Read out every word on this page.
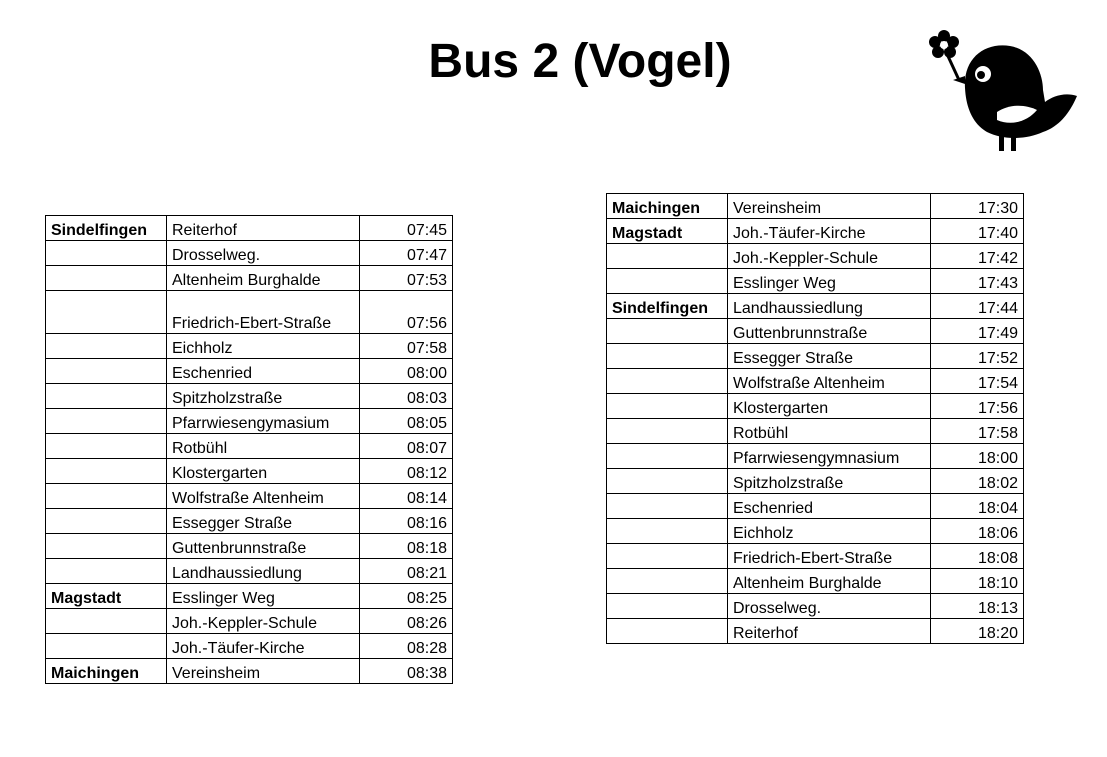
Bus 2 (Vogel)
Sindelfingen	Reiterhof	07:45
	Drosselweg.	07:47
	Altenheim Burghalde	07:53
	Friedrich-Ebert-Straße	07:56
	Eichholz	07:58
	Eschenried	08:00
	Spitzholzstraße	08:03
	Pfarrwiesengymasium	08:05
	Rotbühl	08:07
	Klostergarten	08:12
	Wolfstraße Altenheim	08:14
	Essegger Straße	08:16
	Guttenbrunnstraße	08:18
	Landhaussiedlung	08:21
Magstadt	Esslinger Weg	08:25
	Joh.-Keppler-Schule	08:26
	Joh.-Täufer-Kirche	08:28
Maichingen	Vereinsheim	08:38
Maichingen	Vereinsheim	17:30
Magstadt	Joh.-Täufer-Kirche	17:40
	Joh.-Keppler-Schule	17:42
	Esslinger Weg	17:43
Sindelfingen	Landhaussiedlung	17:44
	Guttenbrunnstraße	17:49
	Essegger Straße	17:52
	Wolfstraße Altenheim	17:54
	Klostergarten	17:56
	Rotbühl	17:58
	Pfarrwiesengymnasium	18:00
	Spitzholzstraße	18:02
	Eschenried	18:04
	Eichholz	18:06
	Friedrich-Ebert-Straße	18:08
	Altenheim Burghalde	18:10
	Drosselweg.	18:13
	Reiterhof	18:20
